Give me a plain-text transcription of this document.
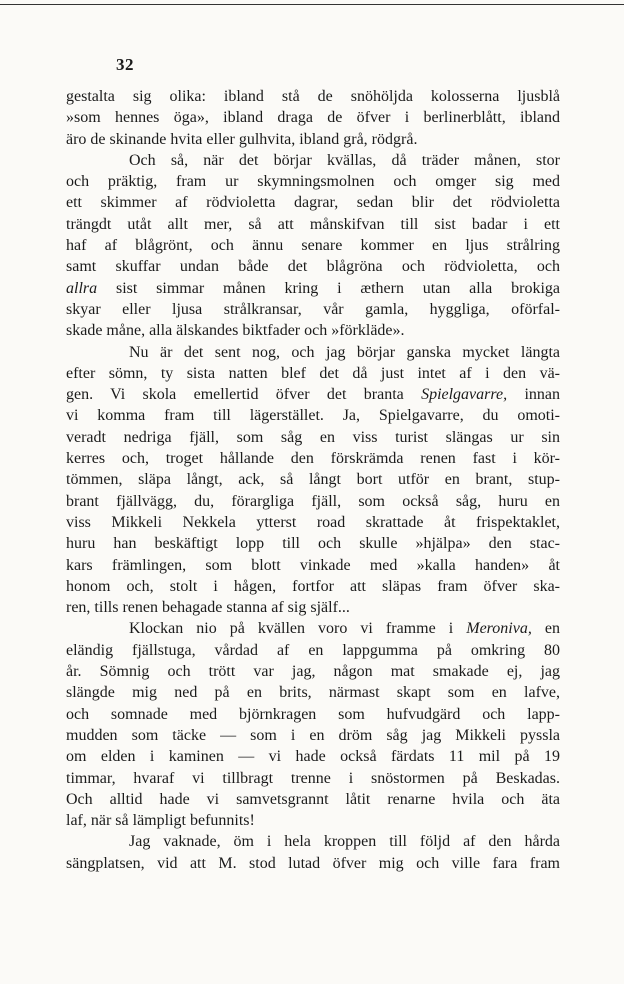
32
gestalta sig olika: ibland stå de snöhöljda kolosserna ljusblå
»som hennes öga», ibland draga de öfver i berlinerblått, ibland
äro de skinande hvita eller gulhvita, ibland grå, rödgrå.
Och så, när det börjar kvällas, då träder månen, stor
och präktig, fram ur skymningsmolnen och omger sig med
ett skimmer af rödvioletta dagrar, sedan blir det rödvioletta
trängdt utåt allt mer, så att månskifvan till sist badar i ett
haf af blågrönt, och ännu senare kommer en ljus strålring
samt skuffar undan både det blågröna och rödvioletta, och
allra sist simmar månen kring i æthern utan alla brokiga
skyar eller ljusa strålkransar, vår gamla, hyggliga, oförfal-
skade måne, alla älskandes biktfader och »förkläde».
Nu är det sent nog, och jag börjar ganska mycket längta
efter sömn, ty sista natten blef det då just intet af i den vä-
gen. Vi skola emellertid öfver det branta Spielgavarre, innan
vi komma fram till lägerstället. Ja, Spielgavarre, du omoti-
veradt nedriga fjäll, som såg en viss turist slängas ur sin
kerres och, troget hållande den förskrämda renen fast i kör-
tömmen, släpa långt, ack, så långt bort utför en brant, stup-
brant fjällvägg, du, förargliga fjäll, som också såg, huru en
viss Mikkeli Nekkela ytterst road skrattade åt frispektaklet,
huru han beskäftigt lopp till och skulle »hjälpa» den stac-
kars främlingen, som blott vinkade med »kalla handen» åt
honom och, stolt i hågen, fortfor att släpas fram öfver ska-
ren, tills renen behagade stanna af sig själf...
Klockan nio på kvällen voro vi framme i Meroniva, en
eländig fjällstuga, vårdad af en lappgumma på omkring 80
år. Sömnig och trött var jag, någon mat smakade ej, jag
slängde mig ned på en brits, närmast skapt som en lafve,
och somnade med björnkragen som hufvudgärd och lapp-
mudden som täcke — som i en dröm såg jag Mikkeli pyssla
om elden i kaminen — vi hade också färdats 11 mil på 19
timmar, hvaraf vi tillbragt trenne i snöstormen på Beskadas.
Och alltid hade vi samvetsgrannt låtit renarne hvila och äta
laf, när så lämpligt befunnits!
Jag vaknade, öm i hela kroppen till följd af den hårda
sängplatsen, vid att M. stod lutad öfver mig och ville fara fram
